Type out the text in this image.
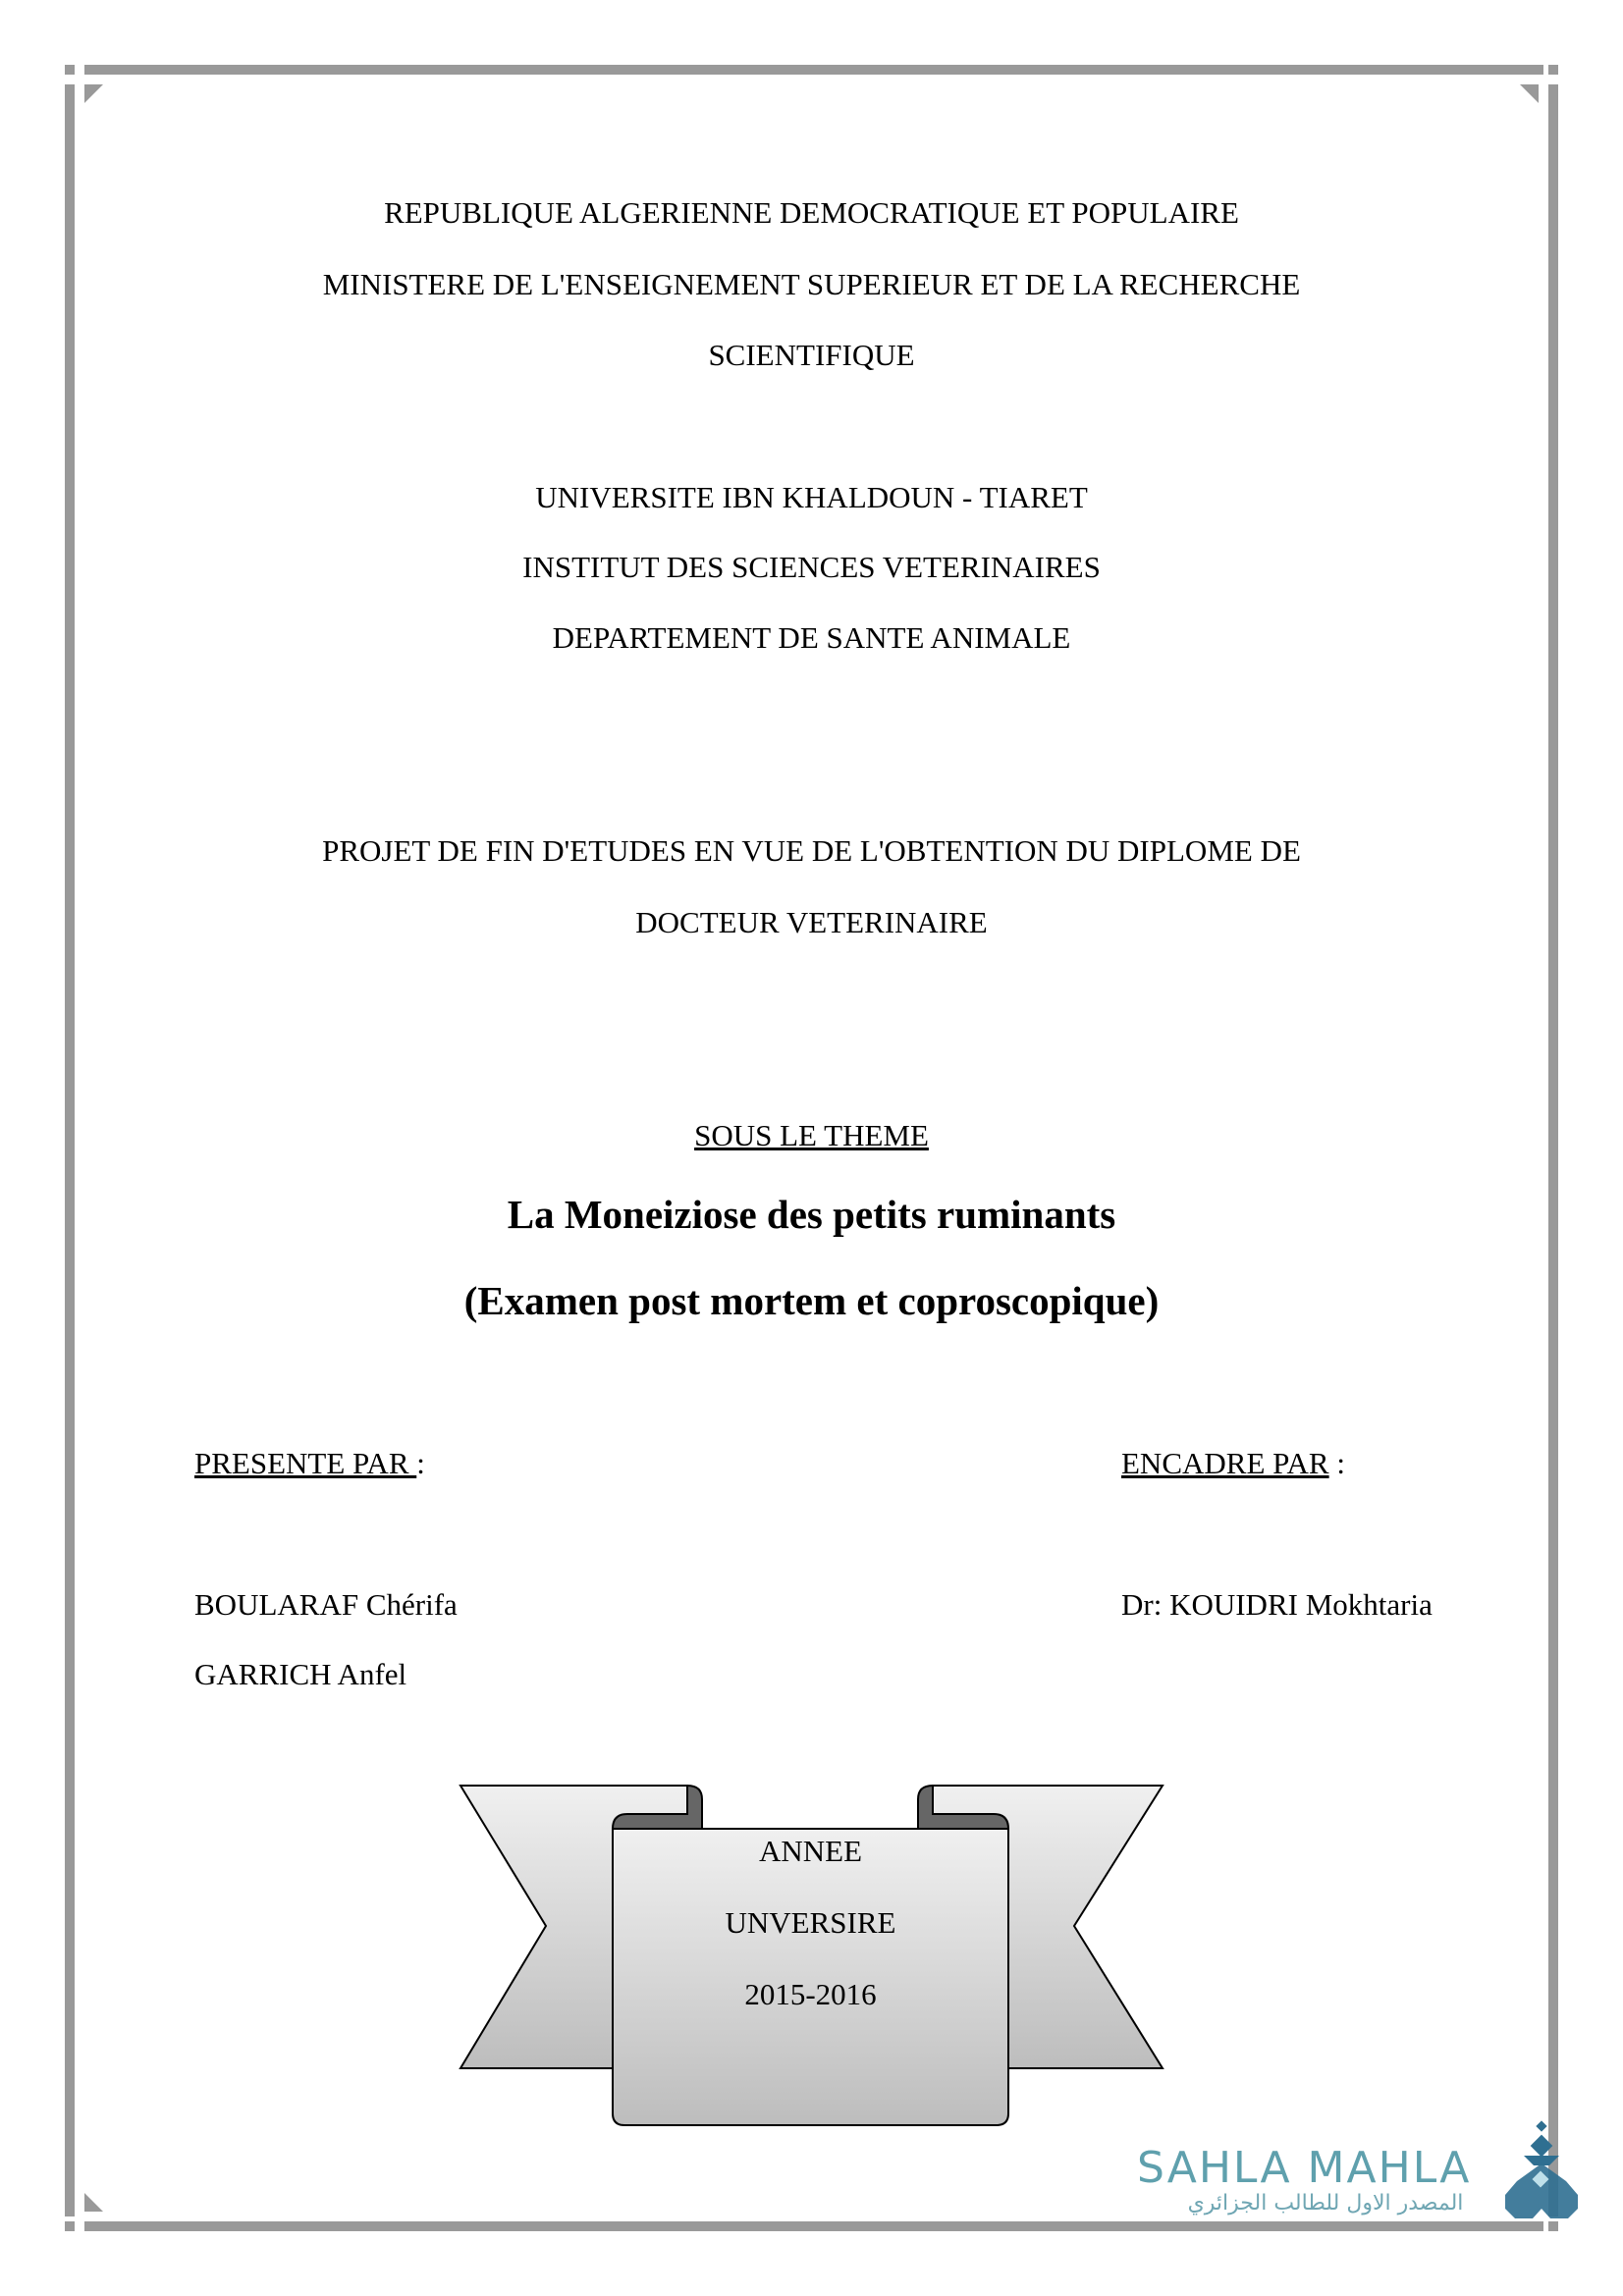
REPUBLIQUE ALGERIENNE DEMOCRATIQUE ET POPULAIRE
MINISTERE DE L'ENSEIGNEMENT SUPERIEUR ET DE LA RECHERCHE
SCIENTIFIQUE
UNIVERSITE IBN KHALDOUN - TIARET
INSTITUT DES SCIENCES VETERINAIRES
DEPARTEMENT DE SANTE ANIMALE
PROJET DE FIN D'ETUDES EN VUE DE L'OBTENTION DU DIPLOME DE
DOCTEUR VETERINAIRE
SOUS LE THEME
La Moneiziose des petits ruminants
(Examen post mortem et coproscopique)
PRESENTE PAR :	ENCADRE PAR :
BOULARAF Chérifa
GARRICH Anfel
Dr: KOUIDRI Mokhtaria
ANNEE
UNVERSIRE
2015-2016
SAHLA MAHLA
المصدر الاول للطالب الجزائري
